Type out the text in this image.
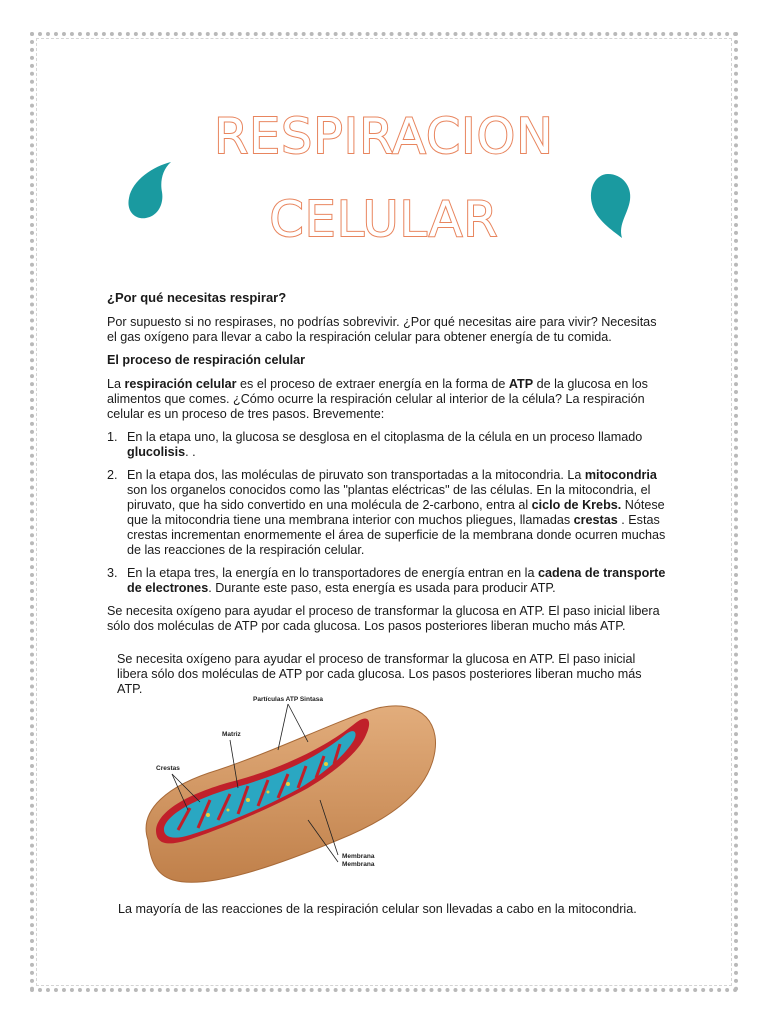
RESPIRACION
CELULAR
¿Por qué necesitas respirar?
Por supuesto si no respirases, no podrías sobrevivir. ¿Por qué necesitas aire para vivir? Necesitas el gas oxígeno para llevar a cabo la respiración celular para obtener energía de tu comida.
El proceso de respiración celular
La respiración celular es el proceso de extraer energía en la forma de ATP de la glucosa en los alimentos que comes. ¿Cómo ocurre la respiración celular al interior de la célula? La respiración celular es un proceso de tres pasos. Brevemente:
1. En la etapa uno, la glucosa se desglosa en el citoplasma de la célula en un proceso llamado glucolisis. .
2. En la etapa dos, las moléculas de piruvato son transportadas a la mitocondria. La mitocondria son los organelos conocidos como las "plantas eléctricas" de las células. En la mitocondria, el piruvato, que ha sido convertido en una molécula de 2-carbono, entra al ciclo de Krebs. Nótese que la mitocondria tiene una membrana interior con muchos pliegues, llamadas crestas . Estas crestas incrementan enormemente el área de superficie de la membrana donde ocurren muchas de las reacciones de la respiración celular.
3. En la etapa tres, la energía en lo transportadores de energía entran en la cadena de transporte de electrones. Durante este paso, esta energía es usada para producir ATP.
Se necesita oxígeno para ayudar el proceso de transformar la glucosa en ATP. El paso inicial libera sólo dos moléculas de ATP por cada glucosa. Los pasos posteriores liberan mucho más ATP.
Se necesita oxígeno para ayudar el proceso de transformar la glucosa en ATP. El paso inicial libera sólo dos moléculas de ATP por cada glucosa. Los pasos posteriores liberan mucho más ATP.
Partículas ATP Sintasa
Matriz
Crestas
Membrana
Membrana
La mayoría de las reacciones de la respiración celular son llevadas a cabo en la mitocondria.
